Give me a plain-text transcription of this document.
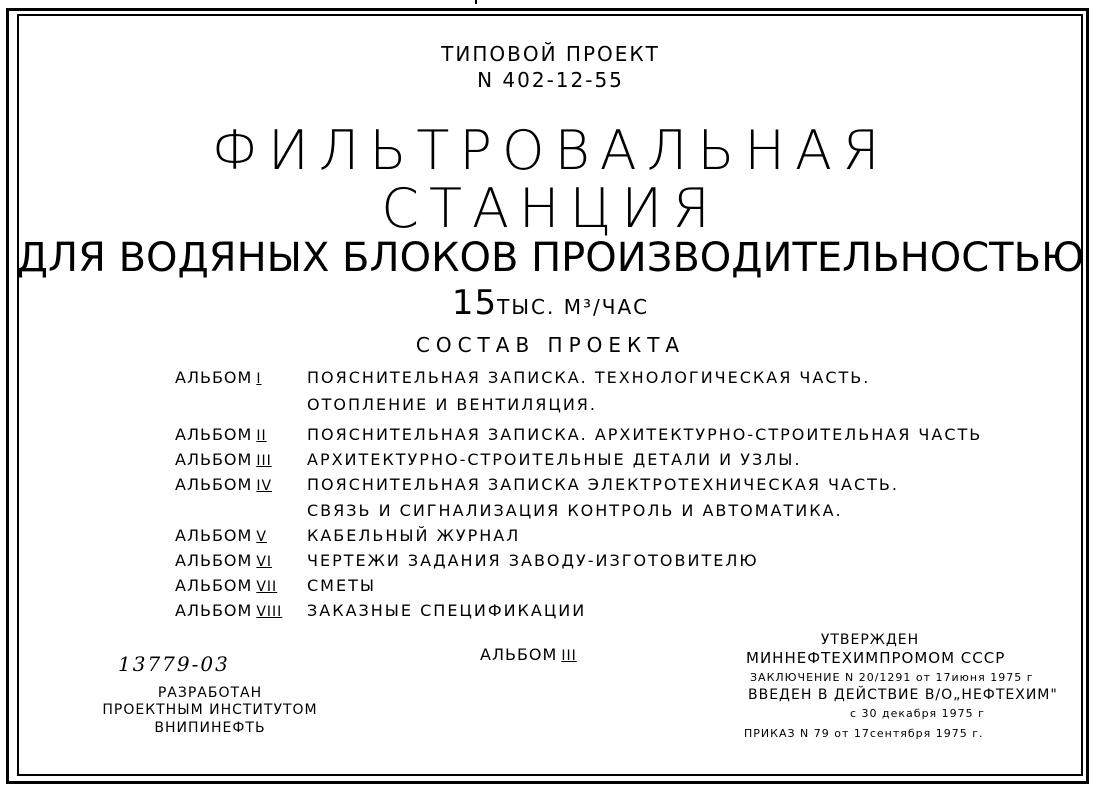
ТИПОВОЙ ПРОЕКТ
N 402-12-55
ФИЛЬТРОВАЛЬНАЯ
СТАНЦИЯ
ДЛЯ ВОДЯНЫХ БЛОКОВ ПРОИЗВОДИТЕЛЬНОСТЬЮ
15ТЫС. М³/ЧАС
СОСТАВ ПРОЕКТА
АЛЬБОМ I	ПОЯСНИТЕЛЬНАЯ ЗАПИСКА. ТЕХНОЛОГИЧЕСКАЯ ЧАСТЬ.
ОТОПЛЕНИЕ И ВЕНТИЛЯЦИЯ.
АЛЬБОМ II	ПОЯСНИТЕЛЬНАЯ ЗАПИСКА. АРХИТЕКТУРНО-СТРОИТЕЛЬНАЯ ЧАСТЬ
АЛЬБОМ III АРХИТЕКТУРНО-СТРОИТЕЛЬНЫЕ ДЕТАЛИ И УЗЛЫ.
АЛЬБОМ IV ПОЯСНИТЕЛЬНАЯ ЗАПИСКА ЭЛЕКТРОТЕХНИЧЕСКАЯ ЧАСТЬ.
СВЯЗЬ И СИГНАЛИЗАЦИЯ КОНТРОЛЬ И АВТОМАТИКА.
АЛЬБОМ V	КАБЕЛЬНЫЙ ЖУРНАЛ
АЛЬБОМ VI ЧЕРТЕЖИ ЗАДАНИЯ ЗАВОДУ-ИЗГОТОВИТЕЛЮ
АЛЬБОМ VII СМЕТЫ
АЛЬБОМ VIII ЗАКАЗНЫЕ СПЕЦИФИКАЦИИ
13779-03
РАЗРАБОТАН
ПРОЕКТНЫМ ИНСТИТУТОМ
ВНИПИНЕФТЬ
АЛЬБОМ III
УТВЕРЖДЕН
МИННЕФТЕХИМПРОМОМ СССР
ЗАКЛЮЧЕНИЕ N 20/1291 от 17июня 1975 г
ВВЕДЕН В ДЕЙСТВИЕ В/О„НЕФТЕХИМ"
с 30 декабря 1975 г
ПРИКАЗ N 79 от 17сентября 1975 г.
